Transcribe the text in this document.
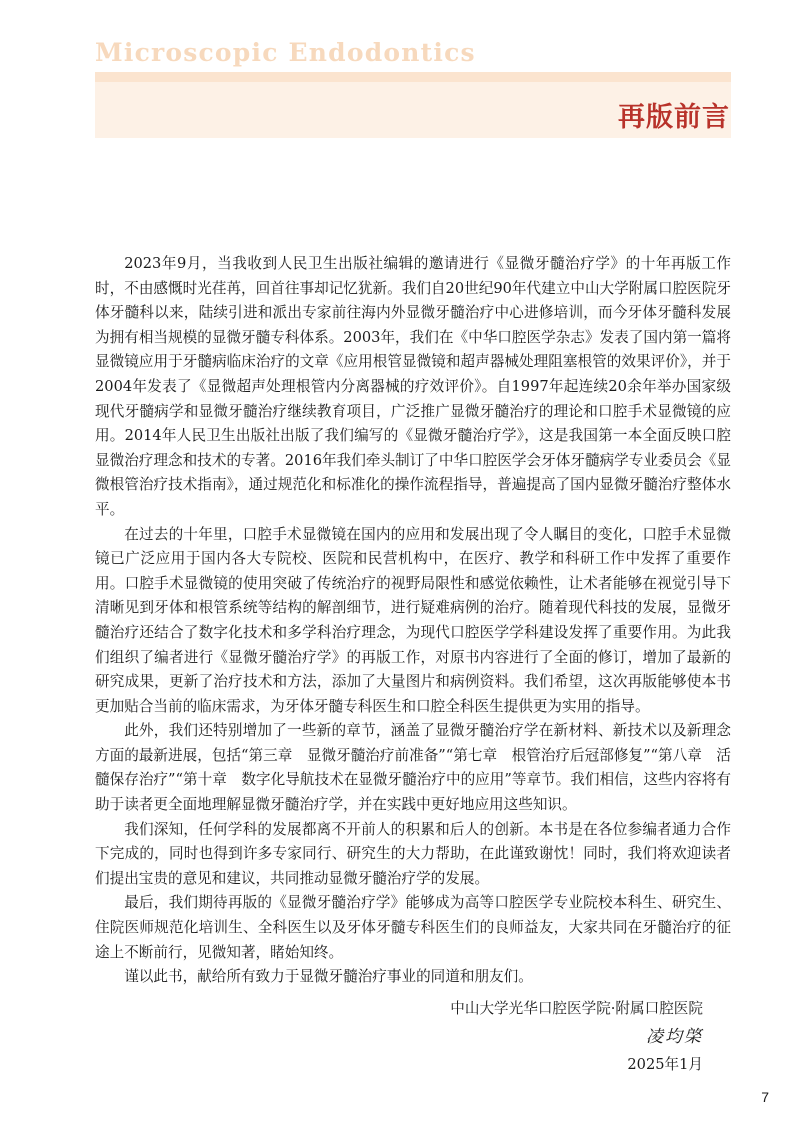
Microscopic Endodontics
再版前言

2023年9月，当我收到人民卫生出版社编辑的邀请进行《显微牙髓治疗学》的十年再版工作时，不由感慨时光荏苒，回首往事却记忆犹新。我们自20世纪90年代建立中山大学附属口腔医院牙体牙髓科以来，陆续引进和派出专家前往海内外显微牙髓治疗中心进修培训，而今牙体牙髓科发展为拥有相当规模的显微牙髓专科体系。2003年，我们在《中华口腔医学杂志》发表了国内第一篇将显微镜应用于牙髓病临床治疗的文章《应用根管显微镜和超声器械处理阻塞根管的效果评价》，并于2004年发表了《显微超声处理根管内分离器械的疗效评价》。自1997年起连续20余年举办国家级现代牙髓病学和显微牙髓治疗继续教育项目，广泛推广显微牙髓治疗的理论和口腔手术显微镜的应用。2014年人民卫生出版社出版了我们编写的《显微牙髓治疗学》，这是我国第一本全面反映口腔显微治疗理念和技术的专著。2016年我们牵头制订了中华口腔医学会牙体牙髓病学专业委员会《显微根管治疗技术指南》，通过规范化和标准化的操作流程指导，普遍提高了国内显微牙髓治疗整体水平。

在过去的十年里，口腔手术显微镜在国内的应用和发展出现了令人瞩目的变化，口腔手术显微镜已广泛应用于国内各大专院校、医院和民营机构中，在医疗、教学和科研工作中发挥了重要作用。口腔手术显微镜的使用突破了传统治疗的视野局限性和感觉依赖性，让术者能够在视觉引导下清晰见到牙体和根管系统等结构的解剖细节，进行疑难病例的治疗。随着现代科技的发展，显微牙髓治疗还结合了数字化技术和多学科治疗理念，为现代口腔医学学科建设发挥了重要作用。为此我们组织了编者进行《显微牙髓治疗学》的再版工作，对原书内容进行了全面的修订，增加了最新的研究成果，更新了治疗技术和方法，添加了大量图片和病例资料。我们希望，这次再版能够使本书更加贴合当前的临床需求，为牙体牙髓专科医生和口腔全科医生提供更为实用的指导。

此外，我们还特别增加了一些新的章节，涵盖了显微牙髓治疗学在新材料、新技术以及新理念方面的最新进展，包括“第三章　显微牙髓治疗前准备”“第七章　根管治疗后冠部修复”“第八章　活髓保存治疗”“第十章　数字化导航技术在显微牙髓治疗中的应用”等章节。我们相信，这些内容将有助于读者更全面地理解显微牙髓治疗学，并在实践中更好地应用这些知识。

我们深知，任何学科的发展都离不开前人的积累和后人的创新。本书是在各位参编者通力合作下完成的，同时也得到许多专家同行、研究生的大力帮助，在此谨致谢忱！同时，我们将欢迎读者们提出宝贵的意见和建议，共同推动显微牙髓治疗学的发展。

最后，我们期待再版的《显微牙髓治疗学》能够成为高等口腔医学专业院校本科生、研究生、住院医师规范化培训生、全科医生以及牙体牙髓专科医生们的良师益友，大家共同在牙髓治疗的征途上不断前行，见微知著，睹始知终。

谨以此书，献给所有致力于显微牙髓治疗事业的同道和朋友们。

中山大学光华口腔医学院·附属口腔医院
凌均棨
2025年1月
7
